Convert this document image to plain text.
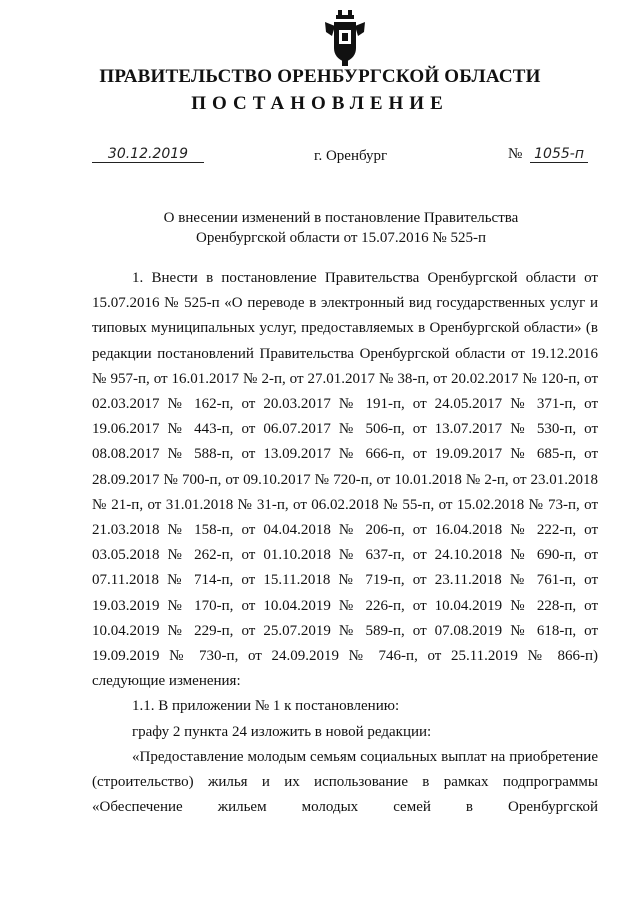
ПРАВИТЕЛЬСТВО ОРЕНБУРГСКОЙ ОБЛАСТИ
ПОСТАНОВЛЕНИЕ
30.12.2019	г. Оренбург	№ 1055-п
О внесении изменений в постановление Правительства
Оренбургской области от 15.07.2016 № 525-п

1. Внести в постановление Правительства Оренбургской области от 15.07.2016 № 525-п «О переводе в электронный вид государственных услуг и типовых муниципальных услуг, предоставляемых в Оренбургской области» (в редакции постановлений Правительства Оренбургской области от 19.12.2016 № 957-п, от 16.01.2017 № 2-п, от 27.01.2017 № 38-п, от 20.02.2017 № 120-п, от 02.03.2017 № 162-п, от 20.03.2017 № 191-п, от 24.05.2017 № 371-п, от 19.06.2017 № 443-п, от 06.07.2017 № 506-п, от 13.07.2017 № 530-п, от 08.08.2017 № 588-п, от 13.09.2017 № 666-п, от 19.09.2017 № 685-п, от 28.09.2017 № 700-п, от 09.10.2017 № 720-п, от 10.01.2018 № 2-п, от 23.01.2018 № 21-п, от 31.01.2018 № 31-п, от 06.02.2018 № 55-п, от 15.02.2018 № 73-п, от 21.03.2018 № 158-п, от 04.04.2018 № 206-п, от 16.04.2018 № 222-п, от 03.05.2018 № 262-п, от 01.10.2018 № 637-п, от 24.10.2018 № 690-п, от 07.11.2018 № 714-п, от 15.11.2018 № 719-п, от 23.11.2018 № 761-п, от 19.03.2019 № 170-п, от 10.04.2019 № 226-п, от 10.04.2019 № 228-п, от 10.04.2019 № 229-п, от 25.07.2019 № 589-п, от 07.08.2019 № 618-п, от 19.09.2019 № 730-п, от 24.09.2019 № 746-п, от 25.11.2019 № 866-п) следующие изменения:

1.1. В приложении № 1 к постановлению:

графу 2 пункта 24 изложить в новой редакции:

«Предоставление молодым семьям социальных выплат на приобретение (строительство) жилья и их использование в рамках подпрограммы «Обеспечение жильем молодых семей в Оренбургской
